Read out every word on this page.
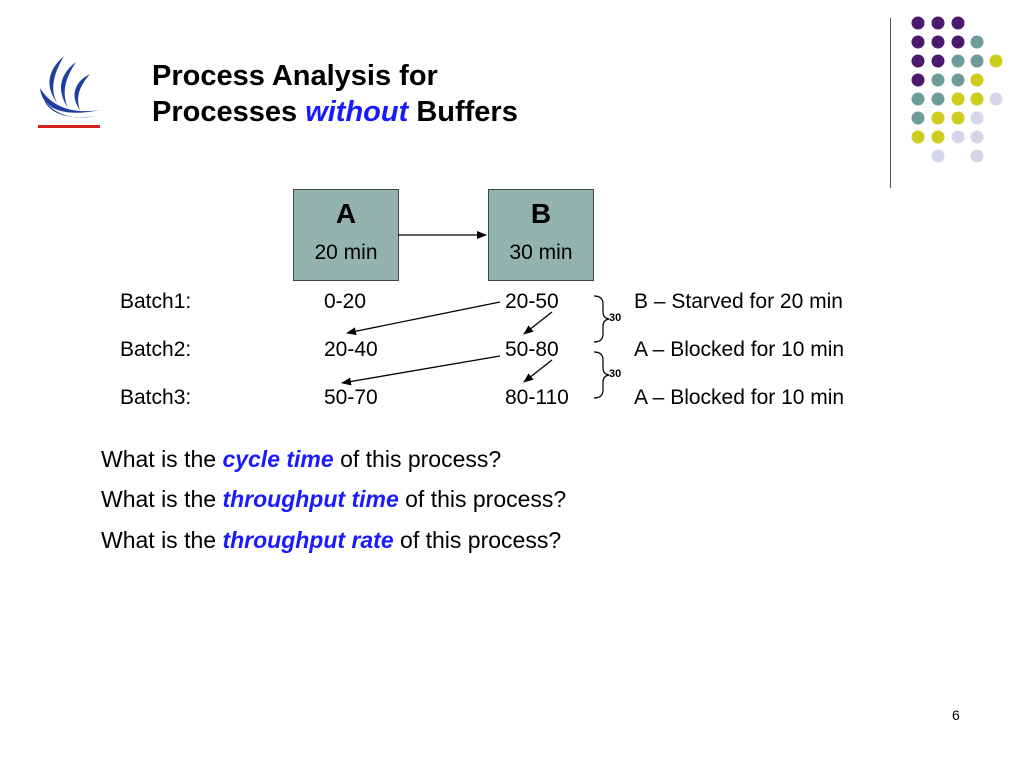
Process Analysis for
Processes without Buffers
A
20 min
B
30 min
Batch1:	0-20	20-50	B – Starved for 20 min
Batch2:	20-40	50-80	A – Blocked for 10 min
Batch3:	50-70	80-110	A – Blocked for 10 min
30
30
What is the cycle time of this process?
What is the throughput time of this process?
What is the throughput rate of this process?
6
